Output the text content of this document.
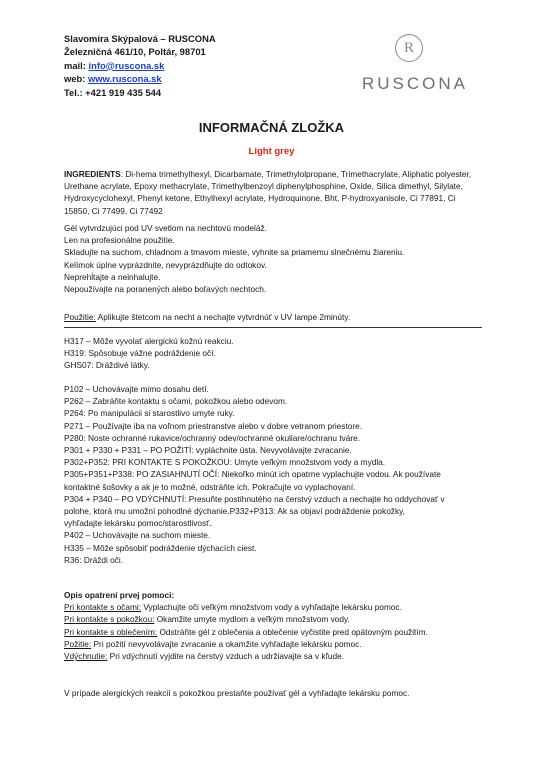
Slavomíra Skýpalová – RUSCONA
Železničná 461/10, Poltár, 98701
mail: info@ruscona.sk
web: www.ruscona.sk
Tel.: +421 919 435 544
R
RUSCONA
INFORMAČNÁ ZLOŽKA
Light grey
INGREDIENTS: Di-hema trimethylhexyl, Dicarbamate, Trimethylolpropane, Trimethacrylate, Aliphatic polyester, Urethane acrylate, Epoxy methacrylate, Trimethylbenzoyl diphenylphosphine, Oxide, Silica dimethyl, Silylate, Hydroxycyclohexyl, Phenyl ketone, Ethylhexyl acrylate, Hydroquinone, Bht, P-hydroxyanisole, Ci 77891, Ci 15850, Ci 77499, Ci 77492
Gél vytvrdzujúci pod UV svetlom na nechtovú modeláž.
Len na profesionálne použitie.
Skladujte na suchom, chladnom a tmavom mieste, vyhnite sa priamemu slnečnému žiareniu.
Kelímok úplne vyprázdnite, nevyprázdňujte do odtokov.
Neprehĺtajte a neinhalujte.
Nepoužívajte na poranených alebo boľavých nechtoch.
Použitie: Aplikujte štetcom na necht a nechajte vytvrdnúť v UV lampe 2minúty.
H317 – Môže vyvolať alergickú kožnú reakciu.
H319: Spôsobuje vážne podráždenie očí.
GHS07: Dráždivé látky.
P102 – Uchovávajte mimo dosahu detí.
P262 – Zabráňte kontaktu s očami, pokožkou alebo odevom.
P264: Po manipulácii si starostlivo umyte ruky.
P271 – Používajte iba na voľnom priestranstve alebo v dobre vetranom priestore.
P280: Noste ochranné rukavice/ochranný odev/ochranné okuliare/ochranu tváre.
P301 + P330 + P331 – PO POŽITÍ: vypláchnite ústa. Nevyvolávajte zvracanie.
P302+P352: PRI KONTAKTE S POKOŽKOU: Umyte veľkým množstvom vody a mydla.
P305+P351+P338: PO ZASIAHNUTÍ OČÍ: Niekoľko minút ich opatrne vyplachujte vodou. Ak používate
kontaktné šošovky a ak je to možné, odstráňte ich. Pokračujte vo vyplachovaní.
P304 + P340 – PO VDÝCHNUTÍ: Presuňte postihnutého na čerstvý vzduch a nechajte ho oddychovať v
polohe, ktorá mu umožní pohodlné dýchanie.P332+P313: Ak sa objaví podráždenie pokožky,
vyhľadajte lekársku pomoc/starostlivosť.
P402 – Uchovávajte na suchom mieste.
H335 – Môže spôsobiť podráždenie dýchacích ciest.
R36: Dráždi oči.
Opis opatrení prvej pomoci:
Pri kontakte s očami: Vyplachujte oči veľkým množstvom vody a vyhľadajte lekársku pomoc.
Pri kontakte s pokožkou: Okamžite umyte mydlom a veľkým množstvom vody.
Pri kontakte s oblečením: Odstráňte gél z oblečenia a oblečenie vyčistite pred opätovným použitím.
Požitie: Pri požití nevyvolávajte zvracanie a okamžite vyhľadajte lekársku pomoc.
Vdýchnutie: Pri vdýchnutí vyjdite na čerstvý vzduch a udržiavajte sa v kľude.
V prípade alergických reakcií s pokožkou prestaňte používať gél a vyhľadajte lekársku pomoc.
